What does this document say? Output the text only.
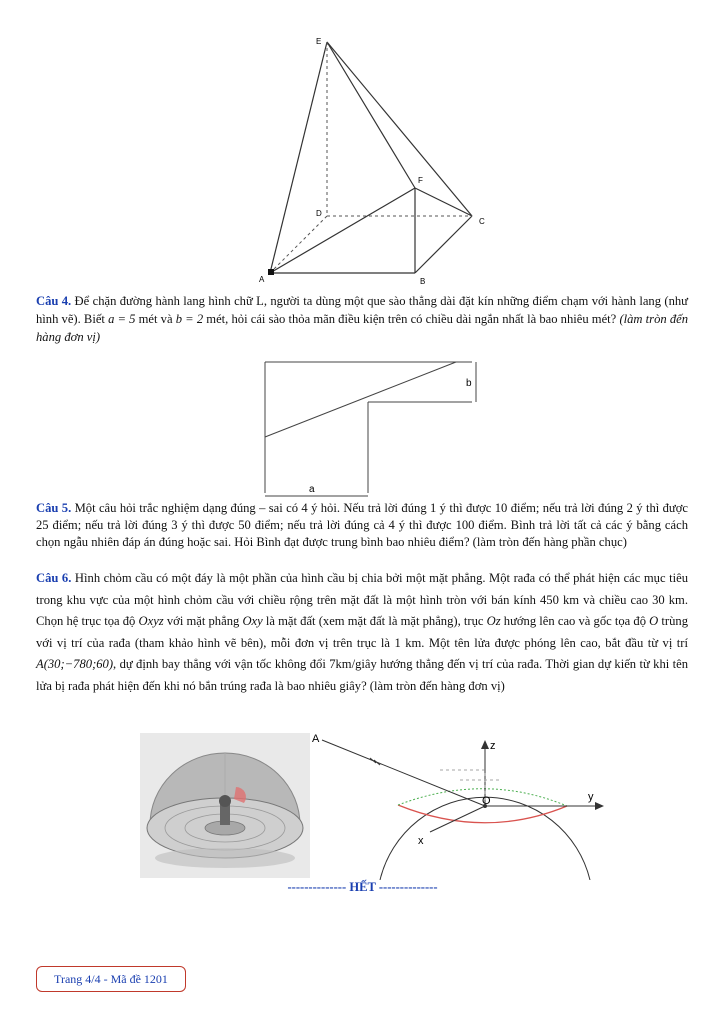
E
F
D
C
A	B
Câu 4. Để chặn đường hành lang hình chữ L, người ta dùng một que sào thẳng dài đặt kín những điểm chạm với hành lang (như hình vẽ). Biết a = 5 mét và b = 2 mét, hỏi cái sào thỏa mãn điều kiện trên có chiều dài ngắn nhất là bao nhiêu mét? (làm tròn đến hàng đơn vị)
b
a
Câu 5. Một câu hỏi trắc nghiệm dạng đúng – sai có 4 ý hỏi. Nếu trả lời đúng 1 ý thì được 10 điểm; nếu trả lời đúng 2 ý thì được 25 điểm; nếu trả lời đúng 3 ý thì được 50 điểm; nếu trả lời đúng cả 4 ý thì được 100 điểm. Bình trả lời tất cả các ý bằng cách chọn ngẫu nhiên đáp án đúng hoặc sai. Hỏi Bình đạt được trung bình bao nhiêu điểm? (làm tròn đến hàng phần chục)
Câu 6. Hình chỏm cầu có một đáy là một phần của hình cầu bị chia bởi một mặt phẳng. Một rađa có thể phát hiện các mục tiêu trong khu vực của một hình chỏm cầu với chiều rộng trên mặt đất là một hình tròn với bán kính 450 km và chiều cao 30 km. Chọn hệ trục tọa độ Oxyz với mặt phẳng Oxy là mặt đất (xem mặt đất là mặt phẳng), trục Oz hướng lên cao và gốc tọa độ O trùng với vị trí của rađa (tham khảo hình vẽ bên), mỗi đơn vị trên trục là 1 km. Một tên lửa được phóng lên cao, bắt đầu từ vị trí A(30;−780;60), dự định bay thẳng với vận tốc không đổi 7km/giây hướng thẳng đến vị trí của rađa. Thời gian dự kiến từ khi tên lửa bị rađa phát hiện đến khi nó bắn trúng rađa là bao nhiêu giây? (làm tròn đến hàng đơn vị)
A
z
y
O
x
-------------- HẾT --------------
Trang 4/4 - Mã đề 1201
